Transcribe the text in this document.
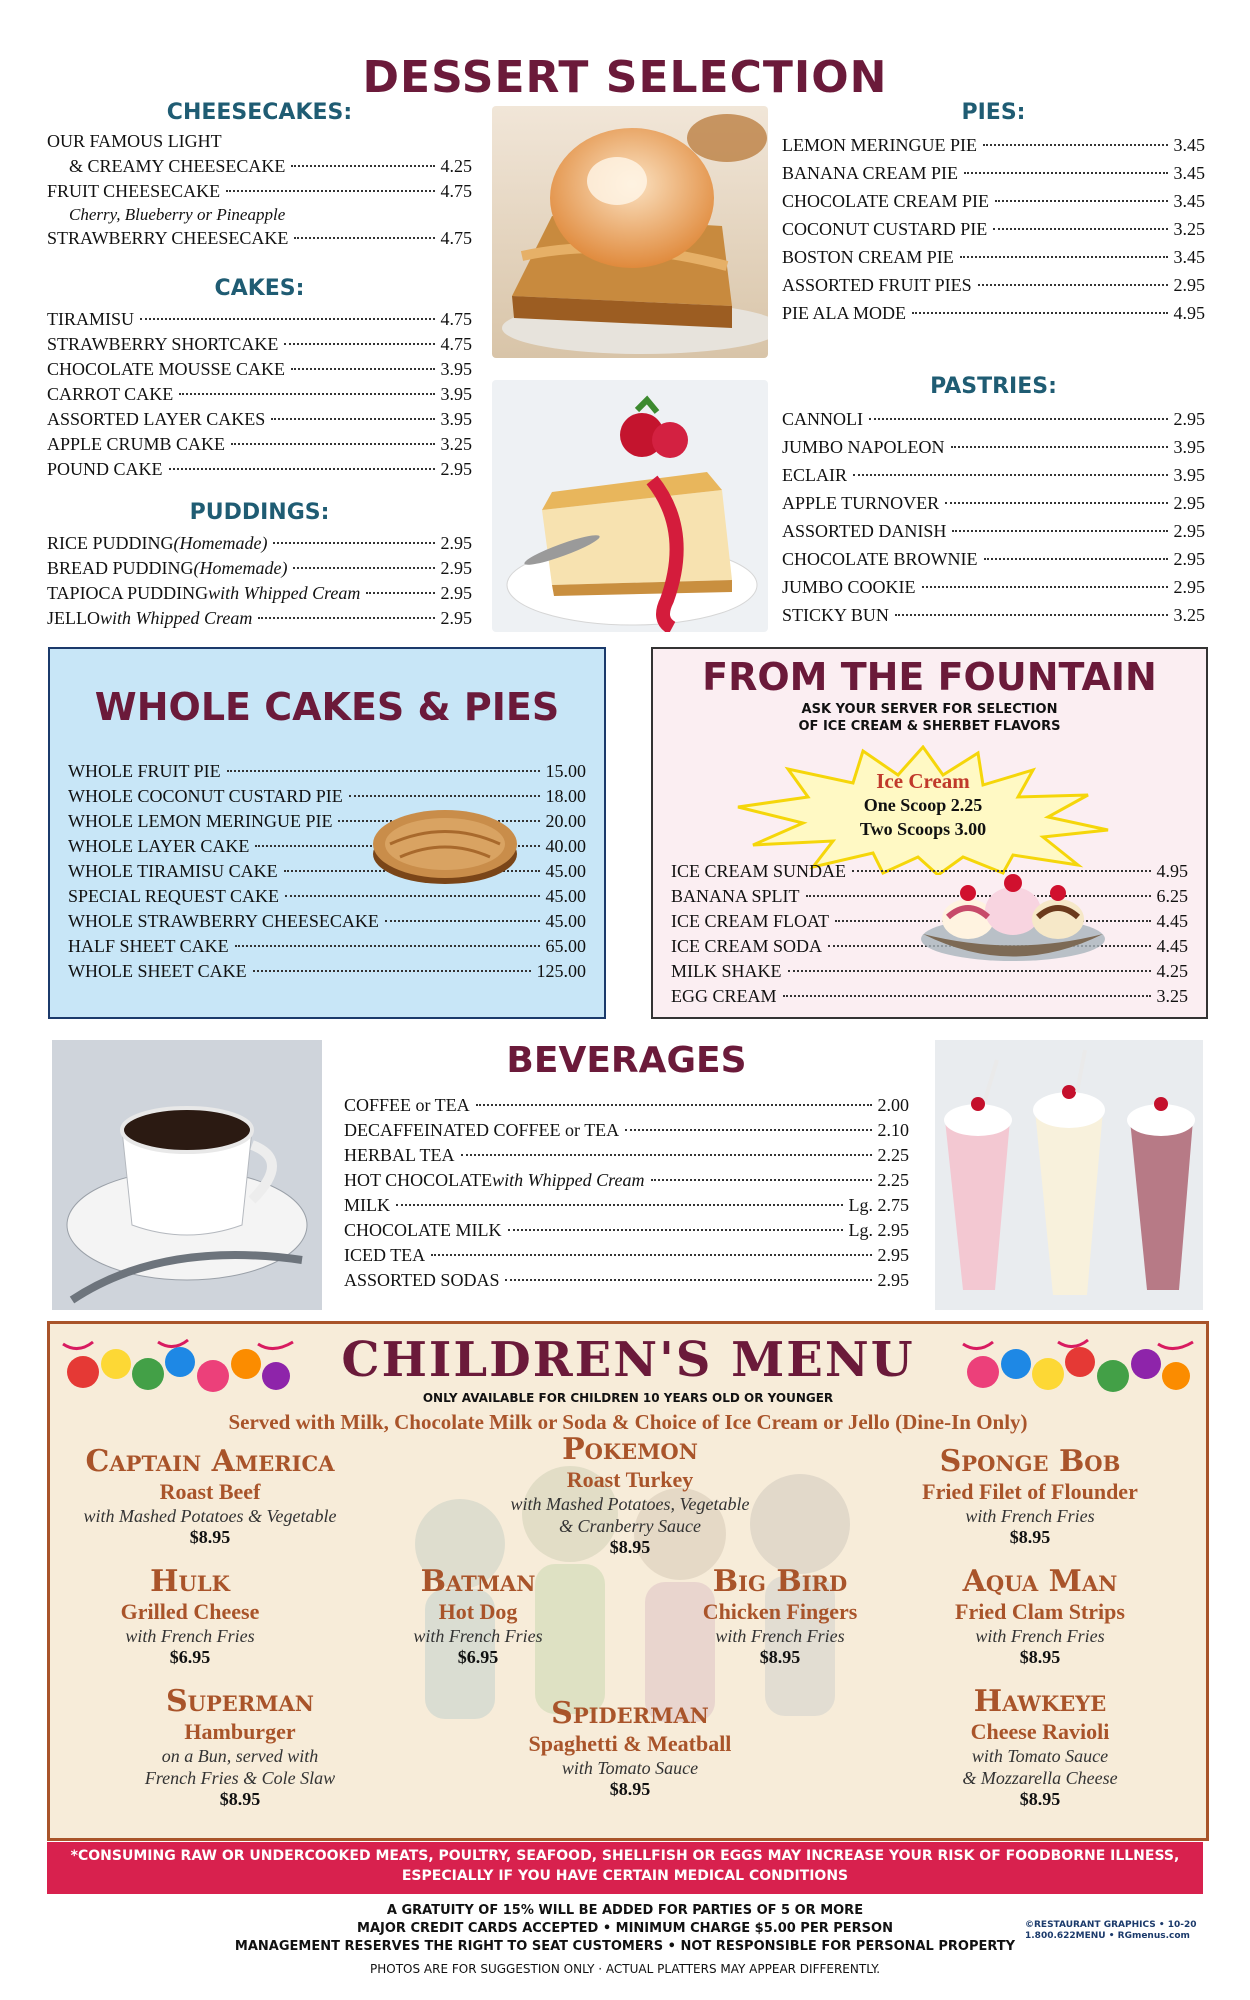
DESSERT SELECTION
CHEESECAKES:
OUR FAMOUS LIGHT
& CREAMY CHEESECAKE	4.25
FRUIT CHEESECAKE	4.75
Cherry, Blueberry or Pineapple
STRAWBERRY CHEESECAKE	4.75
CAKES:
TIRAMISU	4.75
STRAWBERRY SHORTCAKE	4.75
CHOCOLATE MOUSSE CAKE	3.95
CARROT CAKE	3.95
ASSORTED LAYER CAKES	3.95
APPLE CRUMB CAKE	3.25
POUND CAKE	2.95
PUDDINGS:
RICE PUDDING (Homemade)	2.95
BREAD PUDDING (Homemade)	2.95
TAPIOCA PUDDING with Whipped Cream	2.95
JELLO with Whipped Cream	2.95
PIES:
LEMON MERINGUE PIE	3.45
BANANA CREAM PIE	3.45
CHOCOLATE CREAM PIE	3.45
COCONUT CUSTARD PIE	3.25
BOSTON CREAM PIE	3.45
ASSORTED FRUIT PIES	2.95
PIE ALA MODE	4.95
PASTRIES:
CANNOLI	2.95
JUMBO NAPOLEON	3.95
ECLAIR	3.95
APPLE TURNOVER	2.95
ASSORTED DANISH	2.95
CHOCOLATE BROWNIE	2.95
JUMBO COOKIE	2.95
STICKY BUN	3.25
WHOLE CAKES & PIES
WHOLE FRUIT PIE	15.00
WHOLE COCONUT CUSTARD PIE	18.00
WHOLE LEMON MERINGUE PIE	20.00
WHOLE LAYER CAKE	40.00
WHOLE TIRAMISU CAKE	45.00
SPECIAL REQUEST CAKE	45.00
WHOLE STRAWBERRY CHEESECAKE	45.00
HALF SHEET CAKE	65.00
WHOLE SHEET CAKE	125.00
FROM THE FOUNTAIN
ASK YOUR SERVER FOR SELECTION
OF ICE CREAM & SHERBET FLAVORS
Ice Cream
One Scoop 2.25
Two Scoops 3.00
ICE CREAM SUNDAE	4.95
BANANA SPLIT	6.25
ICE CREAM FLOAT	4.45
ICE CREAM SODA	4.45
MILK SHAKE	4.25
EGG CREAM	3.25
BEVERAGES
COFFEE or TEA	2.00
DECAFFEINATED COFFEE or TEA	2.10
HERBAL TEA	2.25
HOT CHOCOLATE with Whipped Cream	2.25
MILK	Lg. 2.75
CHOCOLATE MILK	Lg. 2.95
ICED TEA	2.95
ASSORTED SODAS	2.95
CHILDREN'S MENU
ONLY AVAILABLE FOR CHILDREN 10 YEARS OLD OR YOUNGER
Served with Milk, Chocolate Milk or Soda & Choice of Ice Cream or Jello (Dine-In Only)
Captain America
Roast Beef
with Mashed Potatoes & Vegetable
$8.95
Pokemon
Roast Turkey
with Mashed Potatoes, Vegetable
& Cranberry Sauce
$8.95
Sponge Bob
Fried Filet of Flounder
with French Fries
$8.95
Hulk
Grilled Cheese
with French Fries
$6.95
Batman
Hot Dog
with French Fries
$6.95
Big Bird
Chicken Fingers
with French Fries
$8.95
Aqua Man
Fried Clam Strips
with French Fries
$8.95
Superman
Hamburger
on a Bun, served with
French Fries & Cole Slaw
$8.95
Spiderman
Spaghetti & Meatball
with Tomato Sauce
$8.95
Hawkeye
Cheese Ravioli
with Tomato Sauce
& Mozzarella Cheese
$8.95
*CONSUMING RAW OR UNDERCOOKED MEATS, POULTRY, SEAFOOD, SHELLFISH OR EGGS MAY INCREASE YOUR RISK OF FOODBORNE ILLNESS,
ESPECIALLY IF YOU HAVE CERTAIN MEDICAL CONDITIONS
A GRATUITY OF 15% WILL BE ADDED FOR PARTIES OF 5 OR MORE
MAJOR CREDIT CARDS ACCEPTED • MINIMUM CHARGE $5.00 PER PERSON
MANAGEMENT RESERVES THE RIGHT TO SEAT CUSTOMERS • NOT RESPONSIBLE FOR PERSONAL PROPERTY
PHOTOS ARE FOR SUGGESTION ONLY · ACTUAL PLATTERS MAY APPEAR DIFFERENTLY.
©RESTAURANT GRAPHICS • 10-20
1.800.622MENU • RGmenus.com
